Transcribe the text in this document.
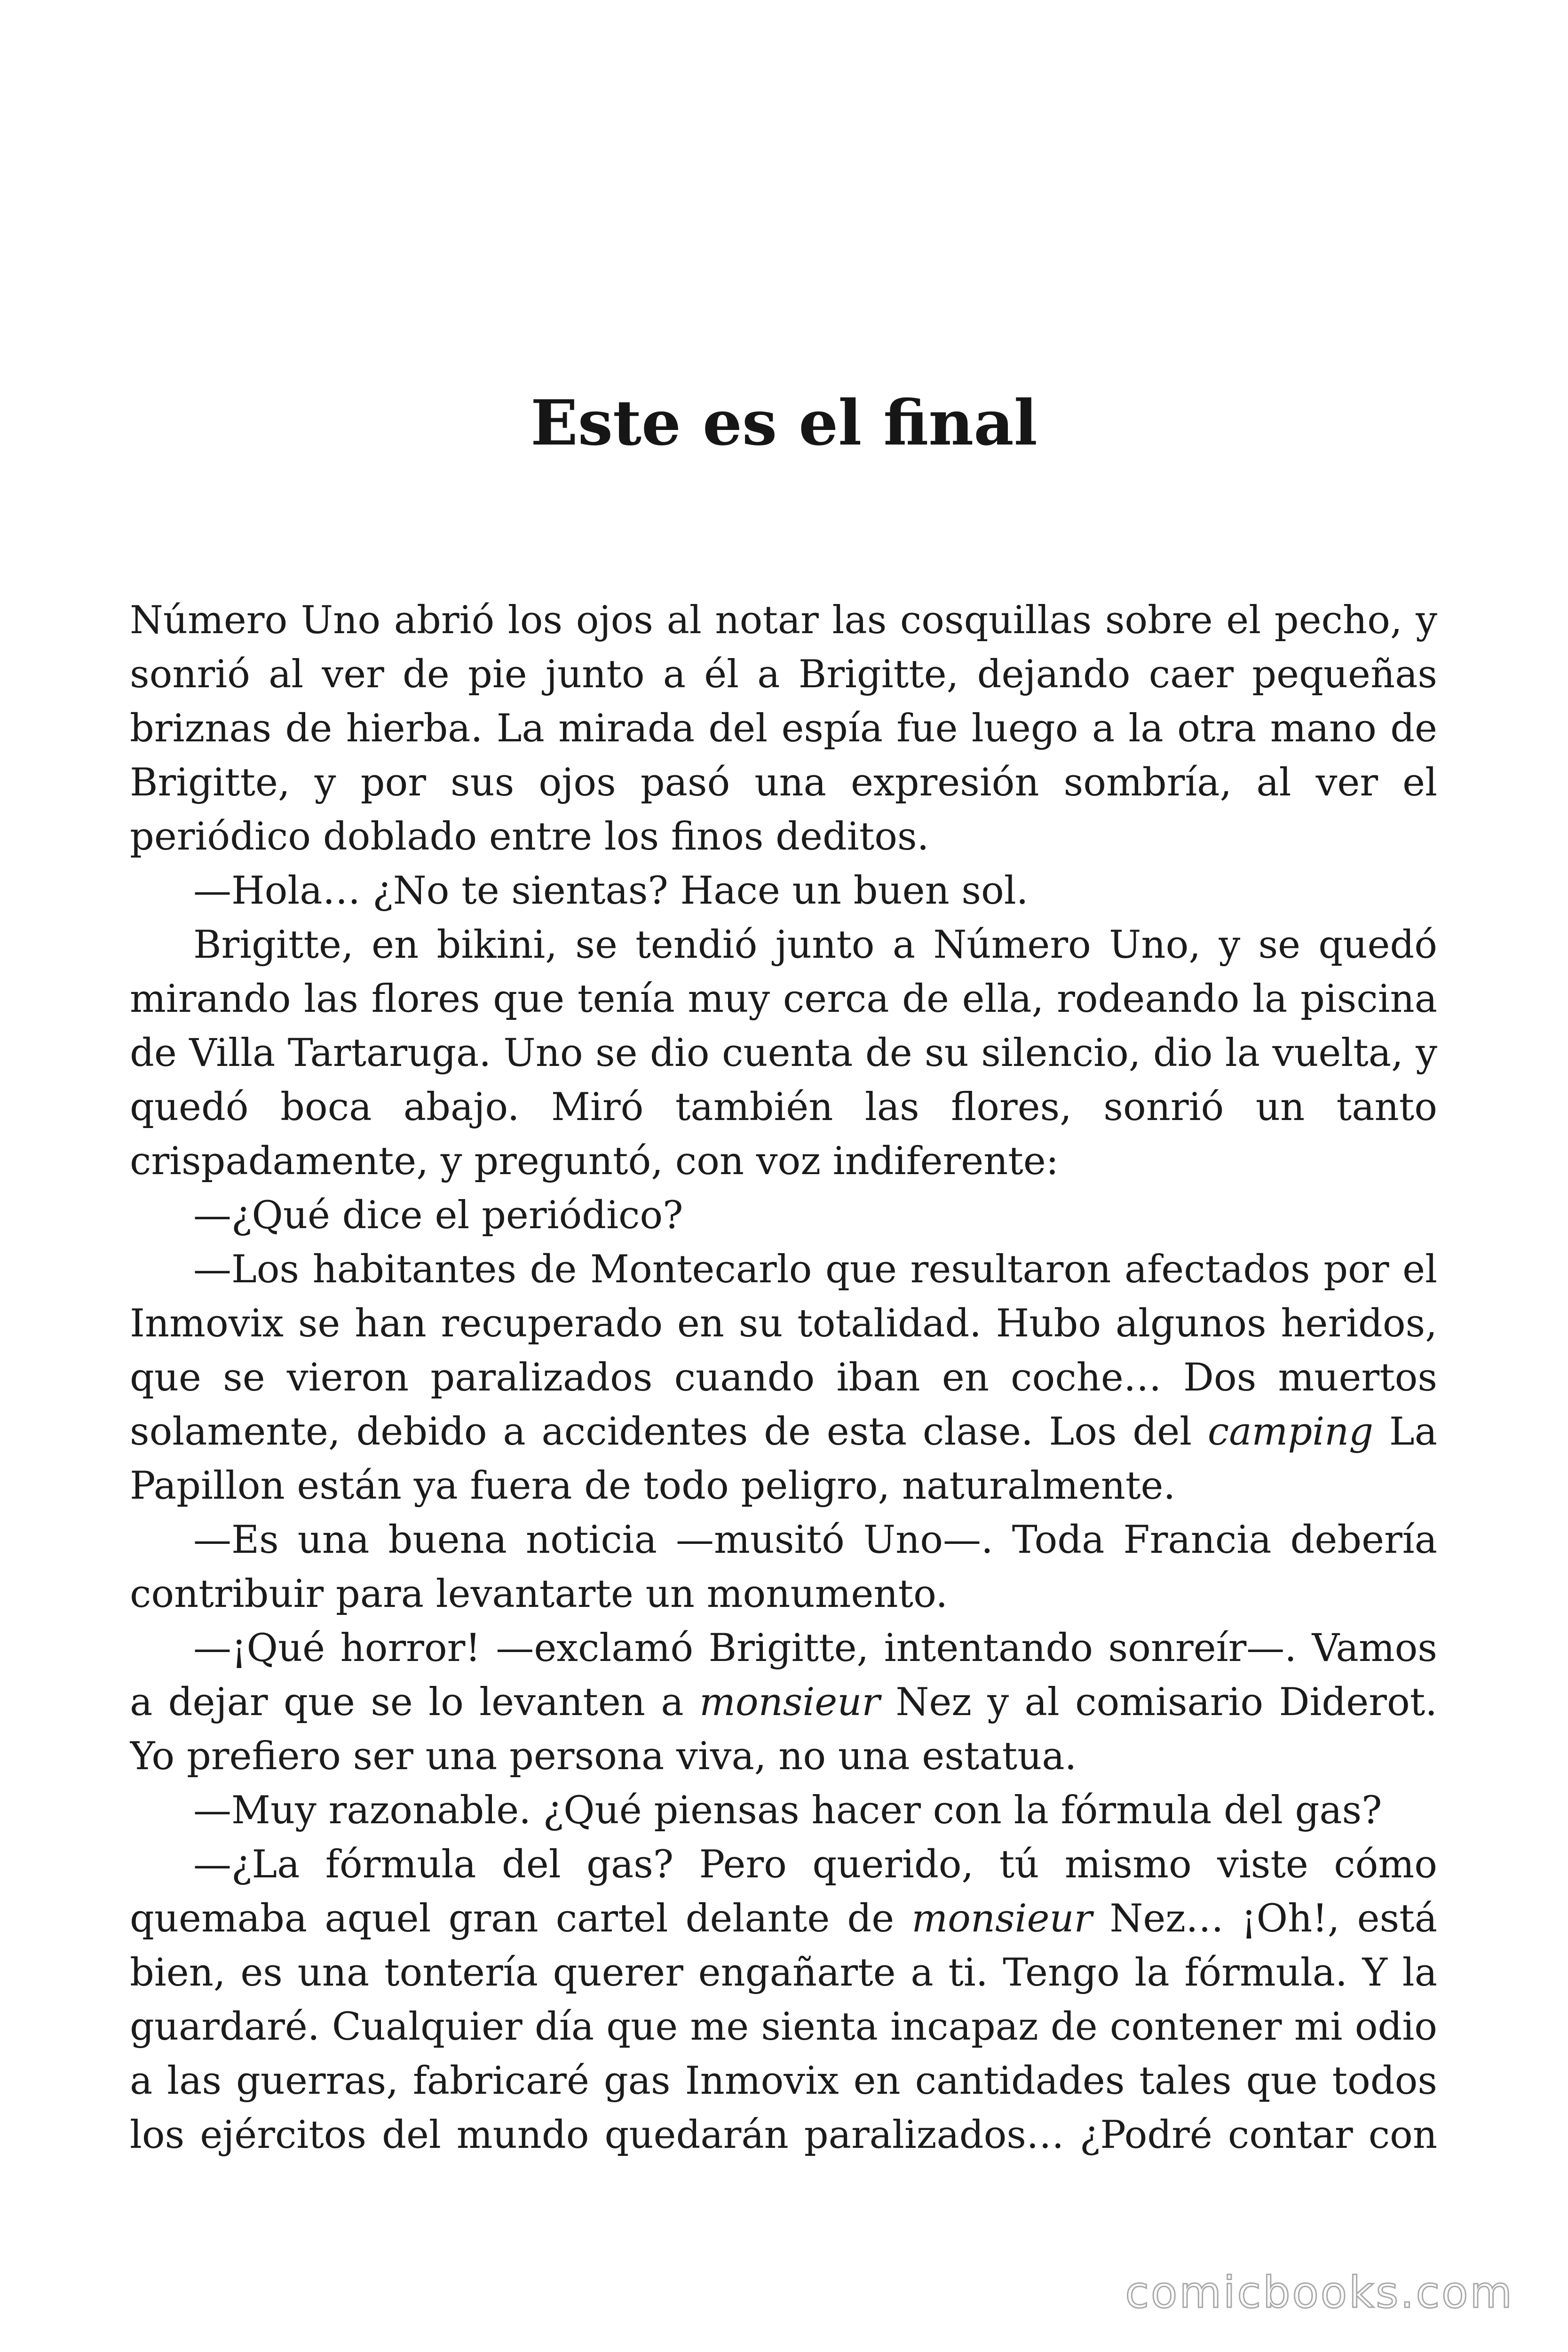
Este es el final
Número Uno abrió los ojos al notar las cosquillas sobre el pecho, y
sonrió al ver de pie junto a él a Brigitte, dejando caer pequeñas
briznas de hierba. La mirada del espía fue luego a la otra mano de
Brigitte, y por sus ojos pasó una expresión sombría, al ver el
periódico doblado entre los finos deditos.
—Hola… ¿No te sientas? Hace un buen sol.
Brigitte, en bikini, se tendió junto a Número Uno, y se quedó
mirando las flores que tenía muy cerca de ella, rodeando la piscina
de Villa Tartaruga. Uno se dio cuenta de su silencio, dio la vuelta, y
quedó boca abajo. Miró también las flores, sonrió un tanto
crispadamente, y preguntó, con voz indiferente:
—¿Qué dice el periódico?
—Los habitantes de Montecarlo que resultaron afectados por el
Inmovix se han recuperado en su totalidad. Hubo algunos heridos,
que se vieron paralizados cuando iban en coche… Dos muertos
solamente, debido a accidentes de esta clase. Los del camping La
Papillon están ya fuera de todo peligro, naturalmente.
—Es una buena noticia —musitó Uno—. Toda Francia debería
contribuir para levantarte un monumento.
—¡Qué horror! —exclamó Brigitte, intentando sonreír—. Vamos
a dejar que se lo levanten a monsieur Nez y al comisario Diderot.
Yo prefiero ser una persona viva, no una estatua.
—Muy razonable. ¿Qué piensas hacer con la fórmula del gas?
—¿La fórmula del gas? Pero querido, tú mismo viste cómo
quemaba aquel gran cartel delante de monsieur Nez… ¡Oh!, está
bien, es una tontería querer engañarte a ti. Tengo la fórmula. Y la
guardaré. Cualquier día que me sienta incapaz de contener mi odio
a las guerras, fabricaré gas Inmovix en cantidades tales que todos
los ejércitos del mundo quedarán paralizados… ¿Podré contar con
comicbooks.com
